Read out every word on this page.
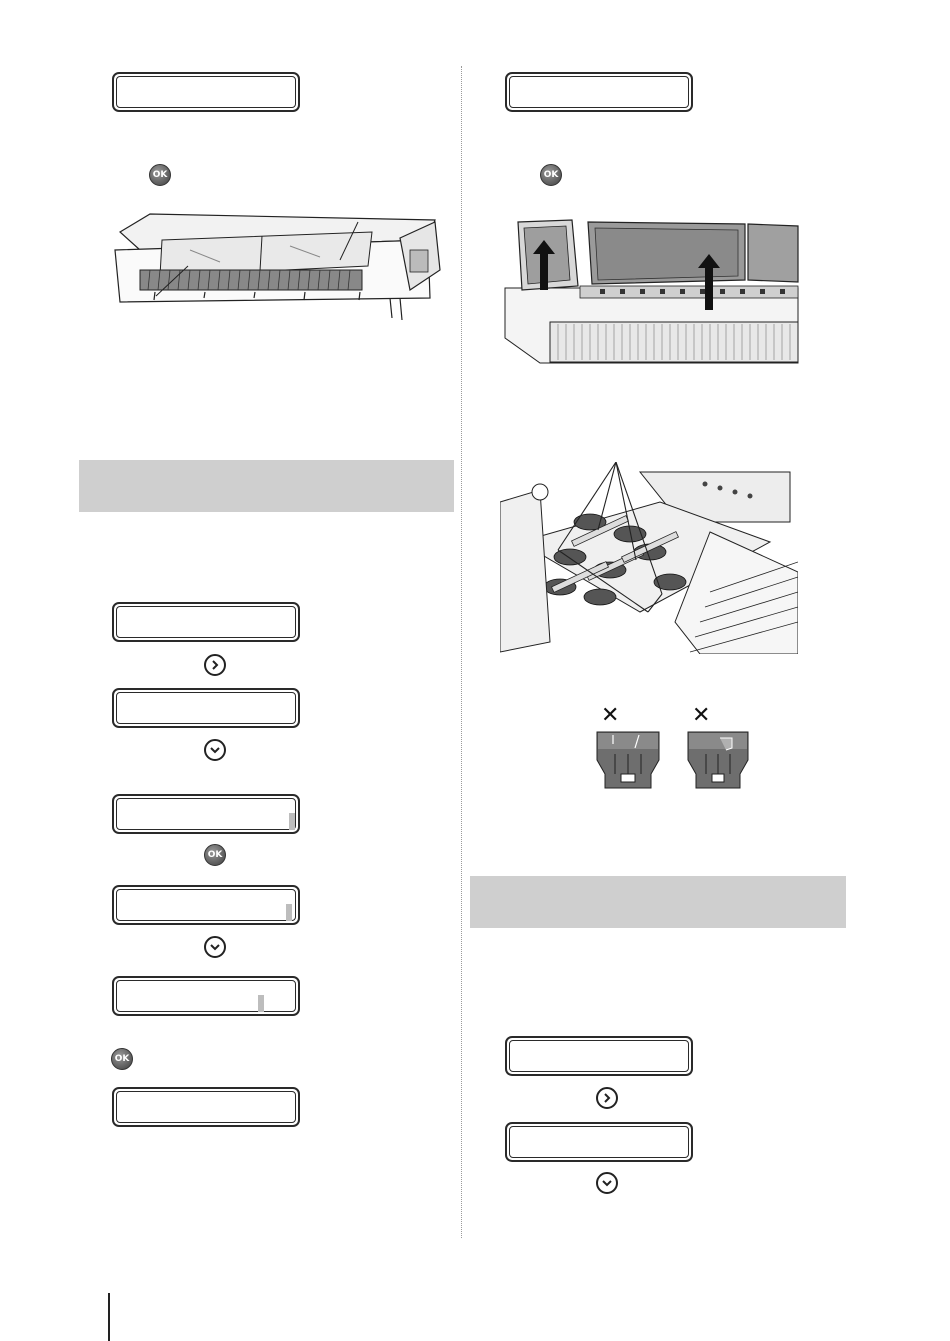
OK
OK
OK
OK
✕	✕
